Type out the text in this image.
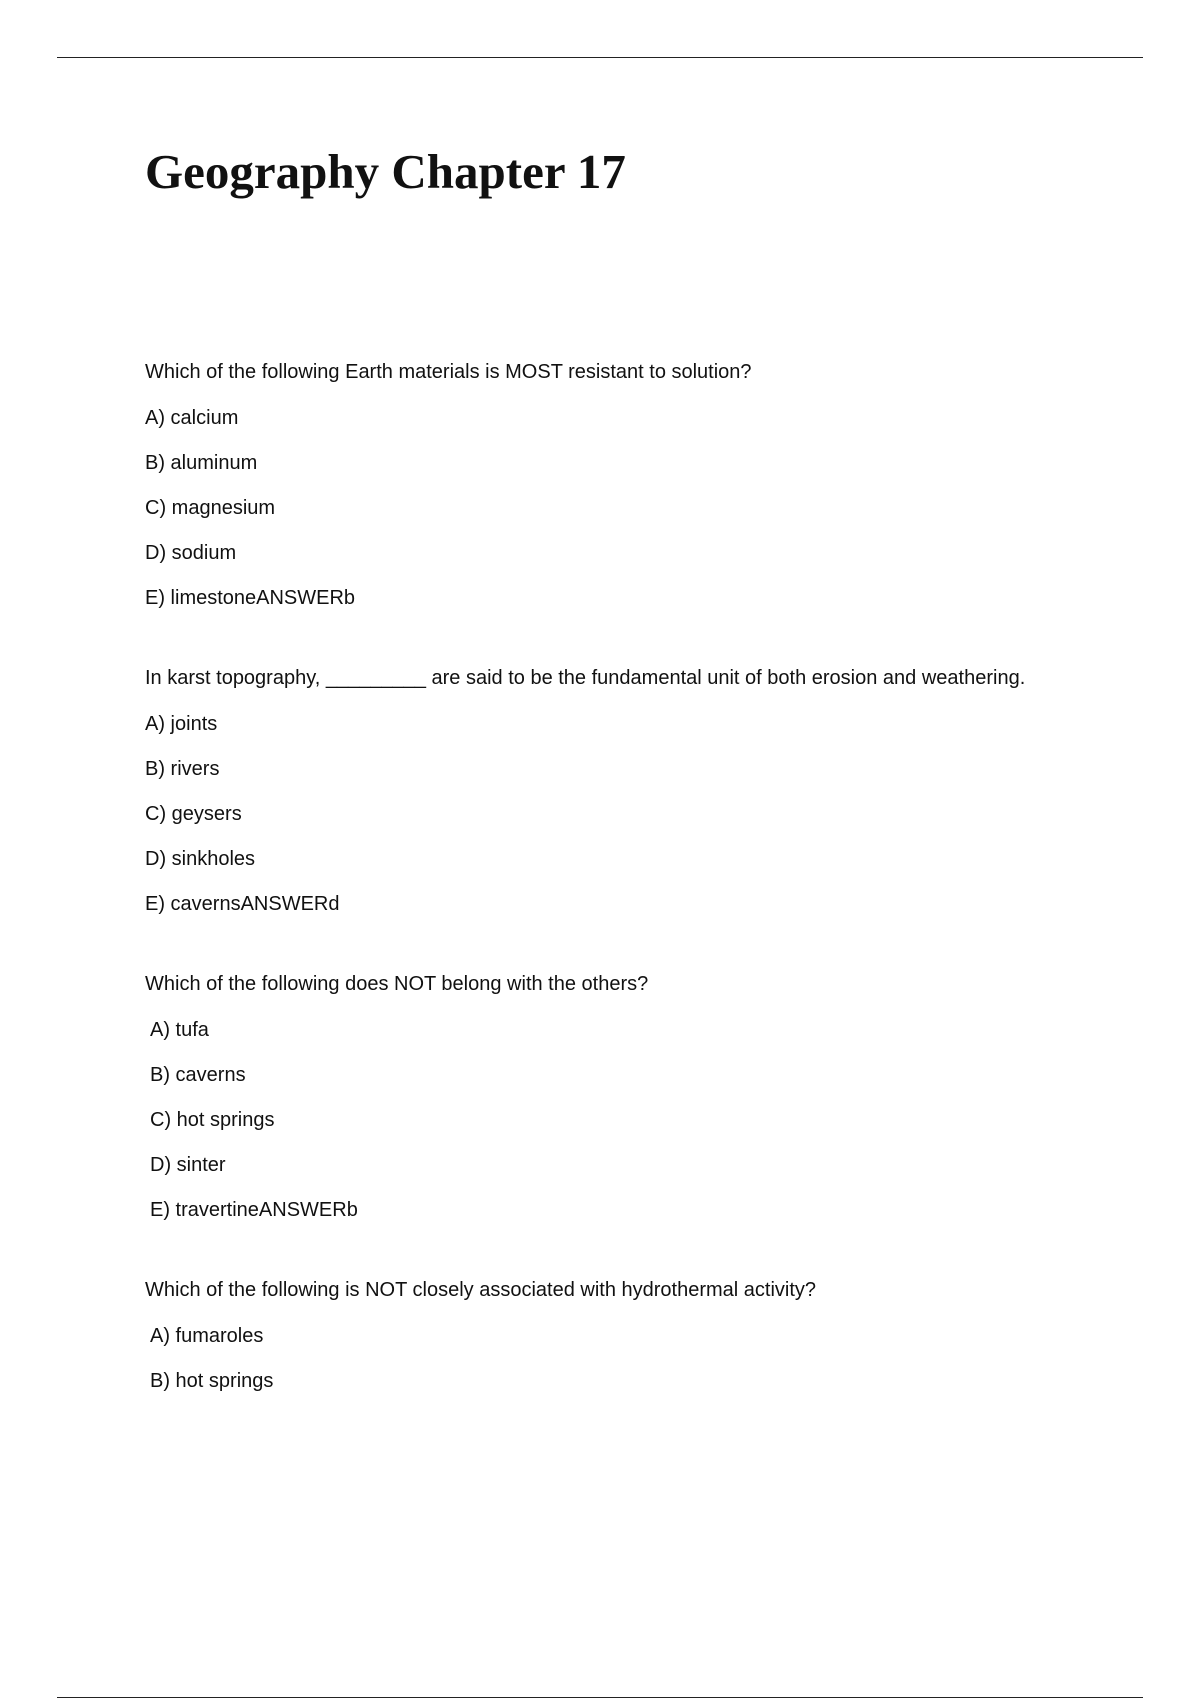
Geography Chapter 17
Which of the following Earth materials is MOST resistant to solution?
A) calcium
B) aluminum
C) magnesium
D) sodium
E) limestoneANSWERb
In karst topography, _________ are said to be the fundamental unit of both erosion and weathering.
A) joints
B) rivers
C) geysers
D) sinkholes
E) cavernsANSWERd
Which of the following does NOT belong with the others?
A) tufa
B) caverns
C) hot springs
D) sinter
E) travertineANSWERb
Which of the following is NOT closely associated with hydrothermal activity?
A) fumaroles
B) hot springs
